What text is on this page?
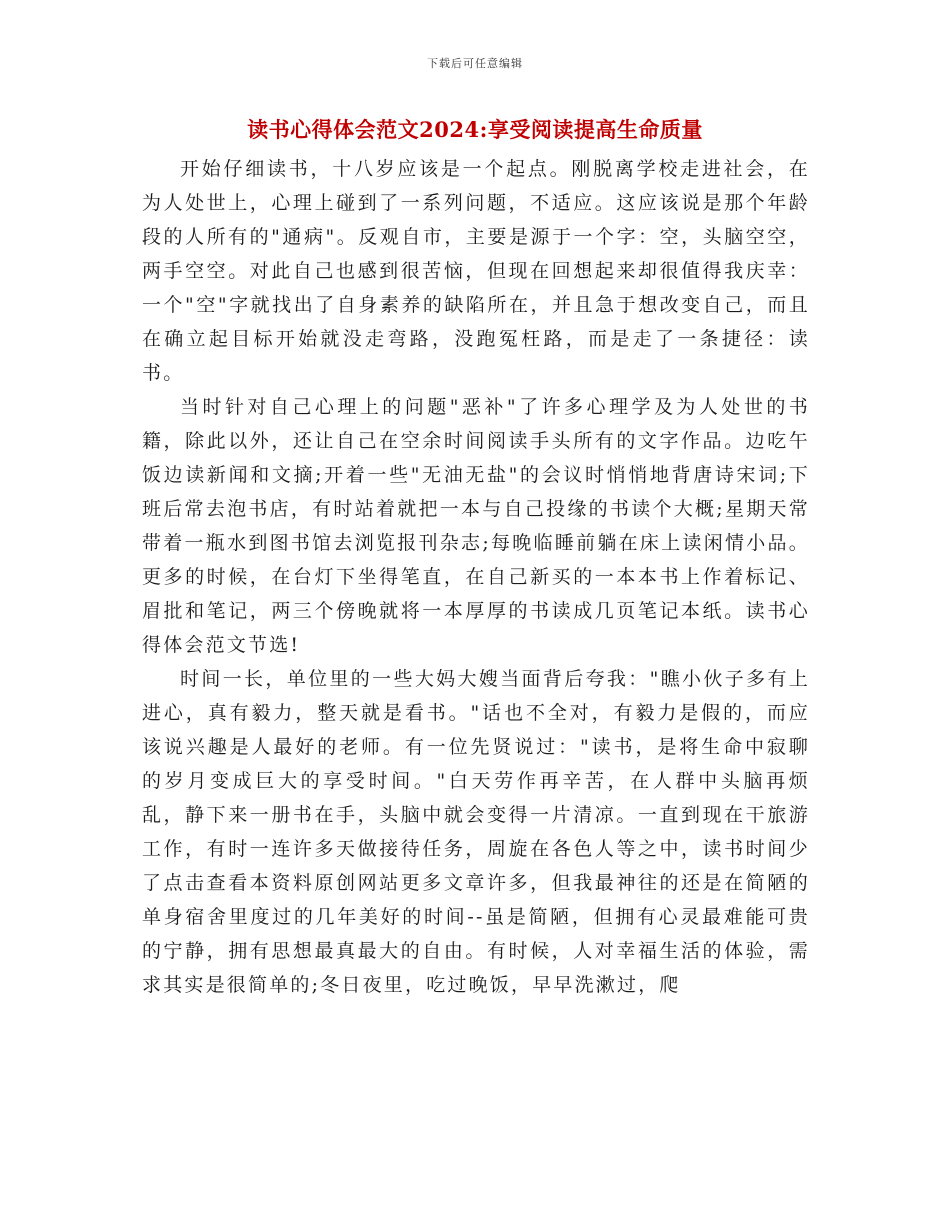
下载后可任意编辑
读书心得体会范文2024:享受阅读提高生命质量

开始仔细读书，十八岁应该是一个起点。刚脱离学校走进社会，在为人处世上，心理上碰到了一系列问题，不适应。这应该说是那个年龄段的人所有的"通病"。反观自市，主要是源于一个字：空，头脑空空，两手空空。对此自己也感到很苦恼，但现在回想起来却很值得我庆幸：一个"空"字就找出了自身素养的缺陷所在，并且急于想改变自己，而且在确立起目标开始就没走弯路，没跑冤枉路，而是走了一条捷径：读书。

当时针对自己心理上的问题"恶补"了许多心理学及为人处世的书籍，除此以外，还让自己在空余时间阅读手头所有的文字作品。边吃午饭边读新闻和文摘;开着一些"无油无盐"的会议时悄悄地背唐诗宋词;下班后常去泡书店，有时站着就把一本与自己投缘的书读个大概;星期天常带着一瓶水到图书馆去浏览报刊杂志;每晚临睡前躺在床上读闲情小品。更多的时候，在台灯下坐得笔直，在自己新买的一本本书上作着标记、眉批和笔记，两三个傍晚就将一本厚厚的书读成几页笔记本纸。读书心得体会范文节选!

时间一长，单位里的一些大妈大嫂当面背后夸我："瞧小伙子多有上进心，真有毅力，整天就是看书。"话也不全对，有毅力是假的，而应该说兴趣是人最好的老师。有一位先贤说过："读书，是将生命中寂聊的岁月变成巨大的享受时间。"白天劳作再辛苦，在人群中头脑再烦乱，静下来一册书在手，头脑中就会变得一片清凉。一直到现在干旅游工作，有时一连许多天做接待任务，周旋在各色人等之中，读书时间少了点击查看本资料原创网站更多文章许多，但我最神往的还是在简陋的单身宿舍里度过的几年美好的时间--虽是简陋，但拥有心灵最难能可贵的宁静，拥有思想最真最大的自由。有时候，人对幸福生活的体验，需求其实是很简单的;冬日夜里，吃过晚饭，早早洗漱过，爬
